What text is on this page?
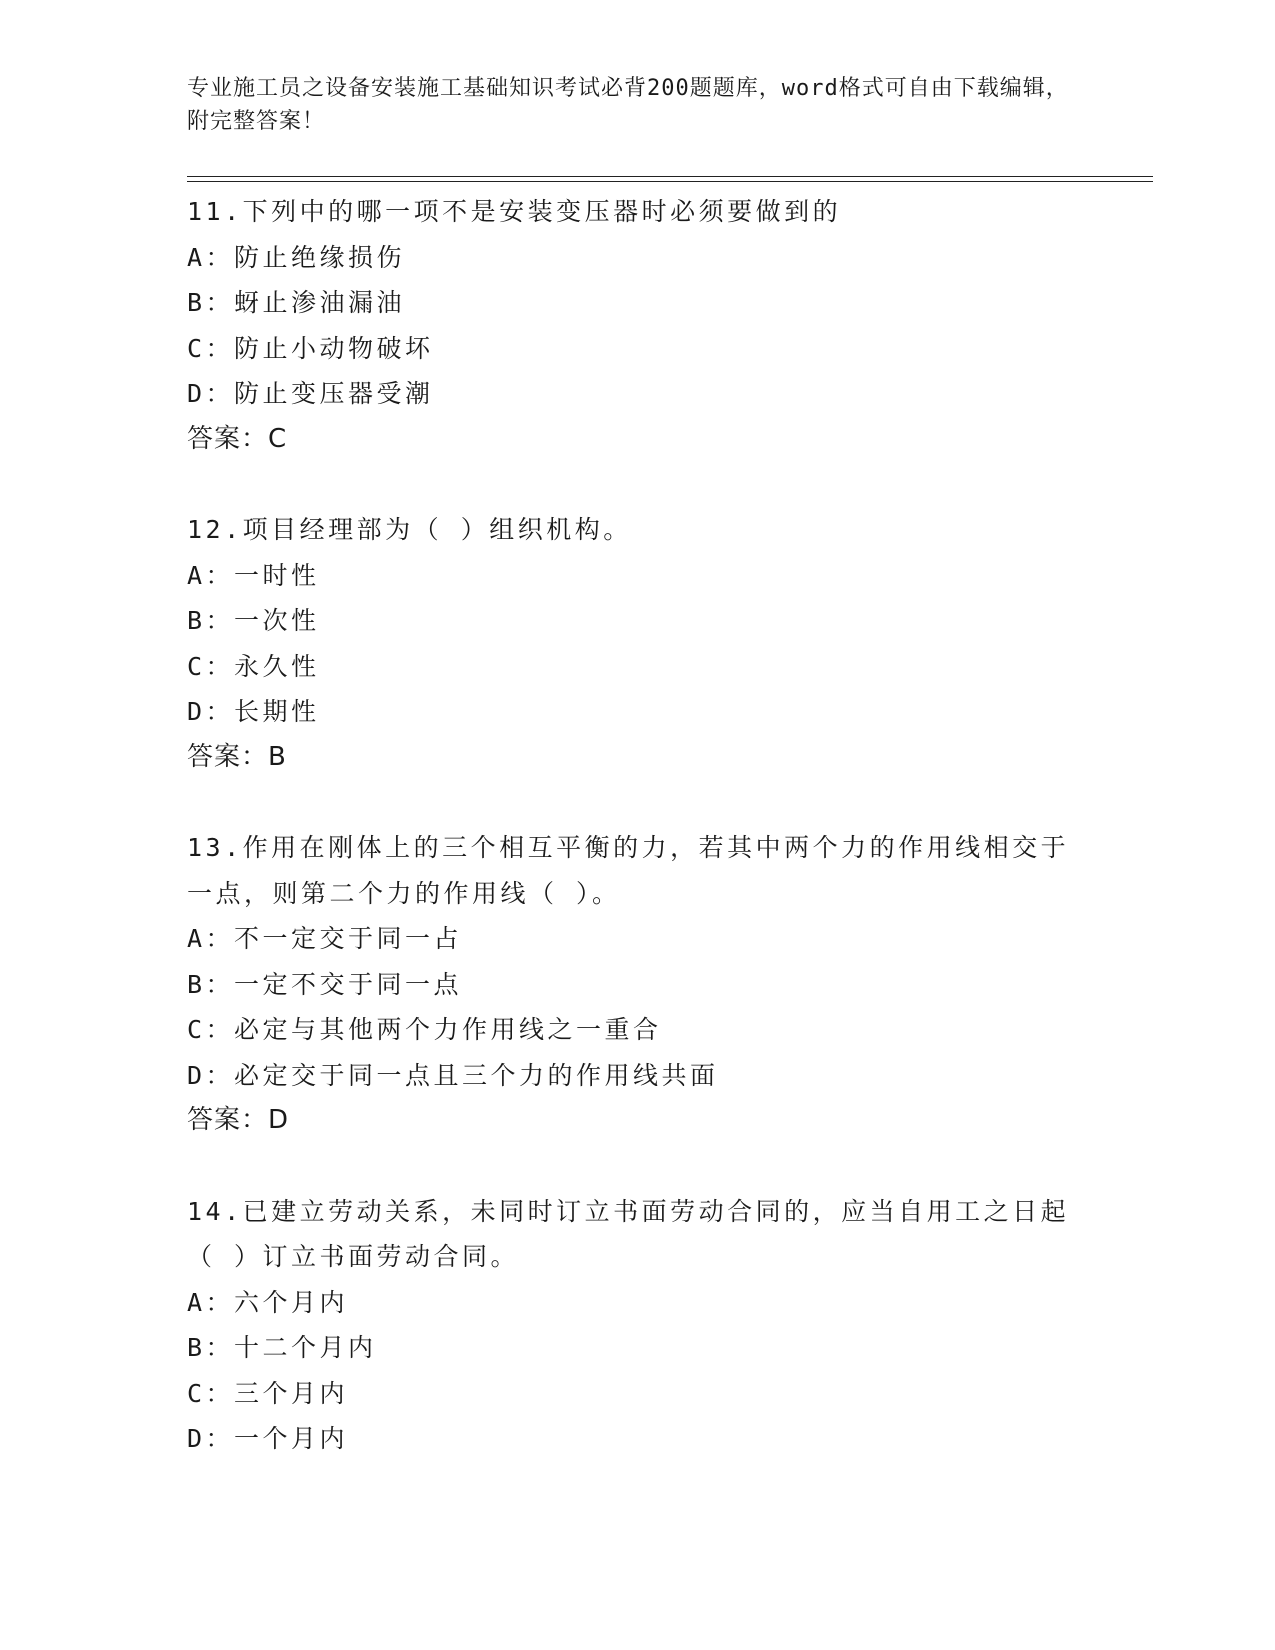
专业施工员之设备安装施工基础知识考试必背200题题库，word格式可自由下载编辑，附完整答案！
11.下列中的哪一项不是安装变压器时必须要做到的
A：防止绝缘损伤
B：蚜止渗油漏油
C：防止小动物破坏
D：防止变压器受潮
答案：C
12.项目经理部为（ ）组织机构。
A：一时性
B：一次性
C：永久性
D：长期性
答案：B
13.作用在刚体上的三个相互平衡的力，若其中两个力的作用线相交于一点，则第二个力的作用线（ ）。
A：不一定交于同一占
B：一定不交于同一点
C：必定与其他两个力作用线之一重合
D：必定交于同一点且三个力的作用线共面
答案：D
14.已建立劳动关系，未同时订立书面劳动合同的，应当自用工之日起（ ）订立书面劳动合同。
A：六个月内
B：十二个月内
C：三个月内
D：一个月内
